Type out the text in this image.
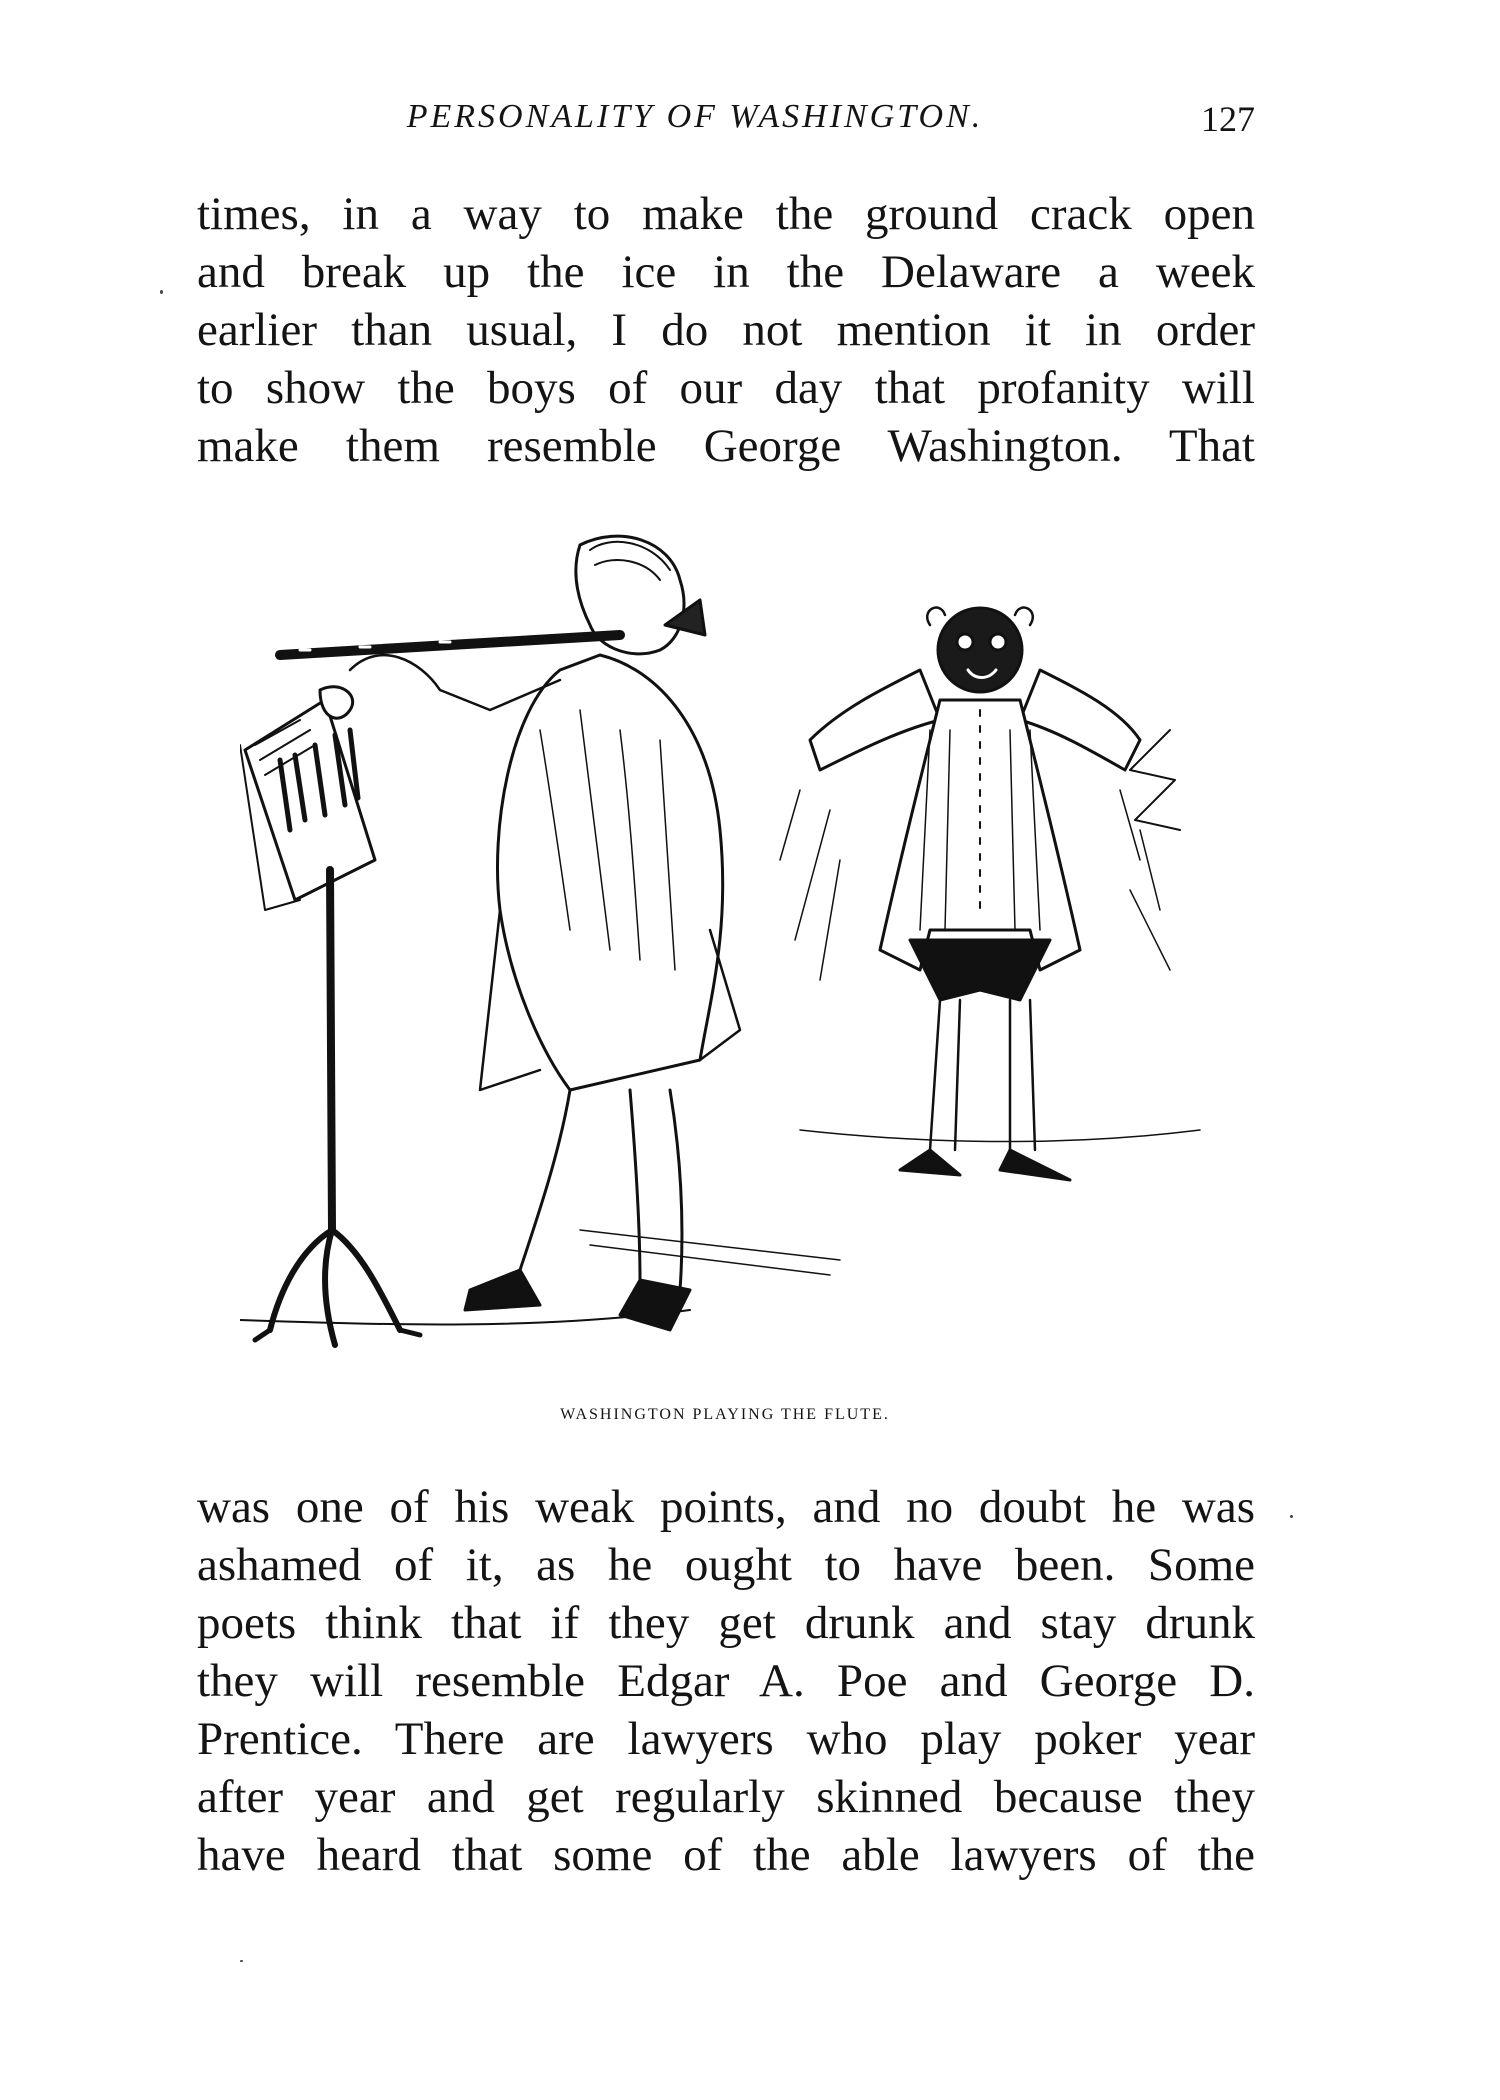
PERSONALITY OF WASHINGTON.	127
times, in a way to make the ground crack open
and break up the ice in the Delaware a week
earlier than usual, I do not mention it in order
to show the boys of our day that profanity will
make them resemble George Washington. That
WASHINGTON PLAYING THE FLUTE.
was one of his weak points, and no doubt he was
ashamed of it, as he ought to have been. Some
poets think that if they get drunk and stay drunk
they will resemble Edgar A. Poe and George D.
Prentice. There are lawyers who play poker year
after year and get regularly skinned because they
have heard that some of the able lawyers of the
